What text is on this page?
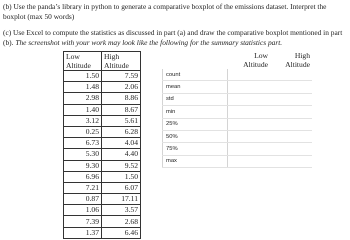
(b) Use the panda’s library in python to generate a comparative boxplot of the emissions dataset. Interpret the boxplot (max 50 words)

(c) Use Excel to compute the statistics as discussed in part (a) and draw the comparative boxplot mentioned in part (b). The screenshot with your work may look like the following for the summary statistics part.

Low Altitude	High Altitude
1.50	7.59
1.48	2.06
2.98	8.86
1.40	8.67
3.12	5.61
0.25	6.28
6.73	4.04
5.30	4.40
9.30	9.52
6.96	1.50
7.21	6.07
0.87	17.11
1.06	3.57
7.39	2.68
1.37	6.46
	Low Altitude	High Altitude
count		
mean		
std		
min		
25%		
50%		
75%		
max		
